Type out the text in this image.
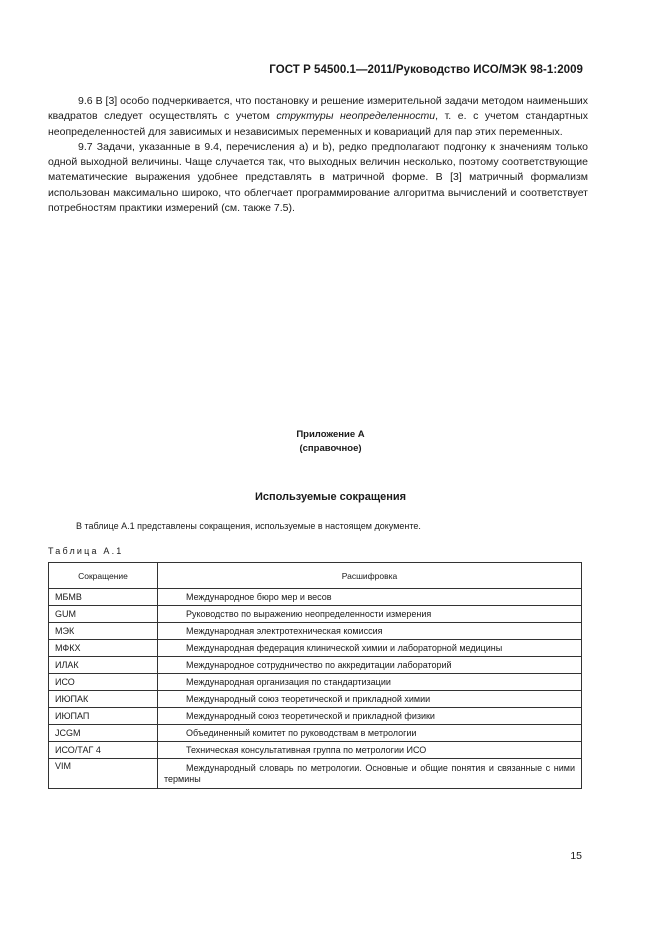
ГОСТ Р 54500.1—2011/Руководство ИСО/МЭК 98-1:2009

9.6 В [3] особо подчеркивается, что постановку и решение измерительной задачи методом наименьших квадратов следует осуществлять с учетом структуры неопределенности, т. е. с учетом стандартных неопределенностей для зависимых и независимых переменных и ковариаций для пар этих переменных.

9.7 Задачи, указанные в 9.4, перечисления a) и b), редко предполагают подгонку к значениям только одной выходной величины. Чаще случается так, что выходных величин несколько, поэтому соответствующие математические выражения удобнее представлять в матричной форме. В [3] матричный формализм использован максимально широко, что облегчает программирование алгоритма вычислений и соответствует потребностям практики измерений (см. также 7.5).

Приложение А
(справочное)
Используемые сокращения
В таблице А.1 представлены сокращения, используемые в настоящем документе.
Таблица А.1
Сокращение	Расшифровка
МБМВ	Международное бюро мер и весов
GUM	Руководство по выражению неопределенности измерения
МЭК	Международная электротехническая комиссия
МФКХ	Международная федерация клинической химии и лабораторной медицины
ИЛАК	Международное сотрудничество по аккредитации лабораторий
ИСО	Международная организация по стандартизации
ИЮПАК	Международный союз теоретической и прикладной химии
ИЮПАП	Международный союз теоретической и прикладной физики
JCGM	Объединенный комитет по руководствам в метрологии
ИСО/ТАГ 4	Техническая консультативная группа по метрологии ИСО
VIM	Международный словарь по метрологии. Основные и общие понятия и связанные с ними термины
15
